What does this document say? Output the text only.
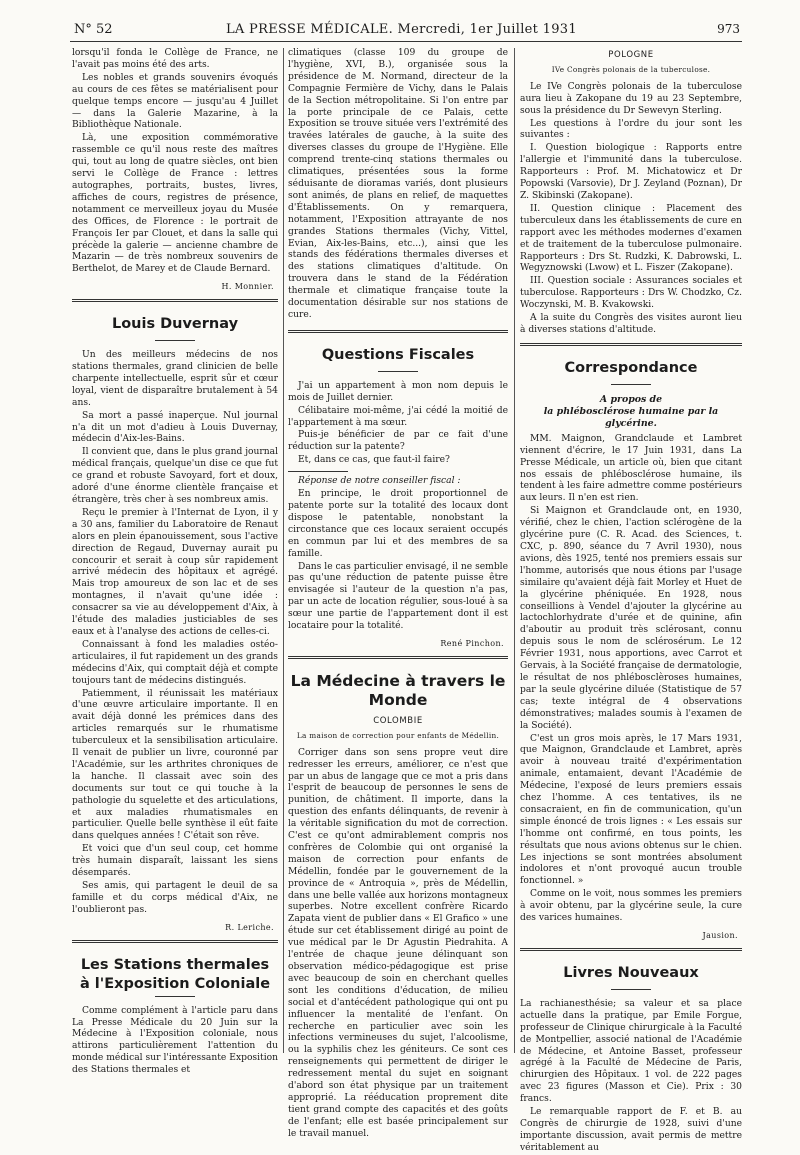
N° 52	LA PRESSE MÉDICALE. Mercredi, 1er Juillet 1931	973

lorsqu'il fonda le Collège de France, ne l'avait pas moins été des arts.

Les nobles et grands souvenirs évoqués au cours de ces fêtes se matérialisent pour quelque temps encore — jusqu'au 4 Juillet — dans la Galerie Mazarine, à la Bibliothèque Nationale.

Là, une exposition commémorative rassemble ce qu'il nous reste des maîtres qui, tout au long de quatre siècles, ont bien servi le Collège de France : lettres autographes, portraits, bustes, livres, affiches de cours, registres de présence, notamment ce merveilleux joyau du Musée des Offices, de Florence : le portrait de François Ier par Clouet, et dans la salle qui précède la galerie — ancienne chambre de Mazarin — de très nombreux souvenirs de Berthelot, de Marey et de Claude Bernard.

H. Monnier.
Louis Duvernay

Un des meilleurs médecins de nos stations thermales, grand clinicien de belle charpente intellectuelle, esprit sûr et cœur loyal, vient de disparaître brutalement à 54 ans.

Sa mort a passé inaperçue. Nul journal n'a dit un mot d'adieu à Louis Duvernay, médecin d'Aix-les-Bains.

Il convient que, dans le plus grand journal médical français, quelque'un dise ce que fut ce grand et robuste Savoyard, fort et doux, adoré d'une énorme clientèle française et étrangère, très cher à ses nombreux amis.

Reçu le premier à l'Internat de Lyon, il y a 30 ans, familier du Laboratoire de Renaut alors en plein épanouissement, sous l'active direction de Regaud, Duvernay aurait pu concourir et serait à coup sûr rapidement arrivé médecin des hôpitaux et agrégé. Mais trop amoureux de son lac et de ses montagnes, il n'avait qu'une idée : consacrer sa vie au développement d'Aix, à l'étude des maladies justiciables de ses eaux et à l'analyse des actions de celles-ci.

Connaissant à fond les maladies ostéo-articulaires, il fut rapidement un des grands médecins d'Aix, qui comptait déjà et compte toujours tant de médecins distingués.

Patiemment, il réunissait les matériaux d'une œuvre articulaire importante. Il en avait déjà donné les prémices dans des articles remarqués sur le rhumatisme tuberculeux et la sensibilisation articulaire. Il venait de publier un livre, couronné par l'Académie, sur les arthrites chroniques de la hanche. Il classait avec soin des documents sur tout ce qui touche à la pathologie du squelette et des articulations, et aux maladies rhumatismales en particulier. Quelle belle synthèse il eût faite dans quelques années ! C'était son rêve.

Et voici que d'un seul coup, cet homme très humain disparaît, laissant les siens désemparés.

Ses amis, qui partagent le deuil de sa famille et du corps médical d'Aix, ne l'oublieront pas.

R. Leriche.
Les Stations thermales
à l'Exposition Coloniale

Comme complément à l'article paru dans La Presse Médicale du 20 Juin sur la Médecine à l'Exposition coloniale, nous attirons particulièrement l'attention du monde médical sur l'intéressante Exposition des Stations thermales et

climatiques (classe 109 du groupe de l'hygiène, XVI, B.), organisée sous la présidence de M. Normand, directeur de la Compagnie Fermière de Vichy, dans le Palais de la Section métropolitaine. Si l'on entre par la porte principale de ce Palais, cette Exposition se trouve située vers l'extrémité des travées latérales de gauche, à la suite des diverses classes du groupe de l'Hygiène. Elle comprend trente-cinq stations thermales ou climatiques, présentées sous la forme séduisante de dioramas variés, dont plusieurs sont animés, de plans en relief, de maquettes d'Établissements. On y remarquera, notamment, l'Exposition attrayante de nos grandes Stations thermales (Vichy, Vittel, Evian, Aix-les-Bains, etc...), ainsi que les stands des fédérations thermales diverses et des stations climatiques d'altitude. On trouvera dans le stand de la Fédération thermale et climatique française toute la documentation désirable sur nos stations de cure.

Questions Fiscales

J'ai un appartement à mon nom depuis le mois de Juillet dernier.

Célibataire moi-même, j'ai cédé la moitié de l'appartement à ma sœur.

Puis-je bénéficier de par ce fait d'une réduction sur la patente?

Et, dans ce cas, que faut-il faire?

Réponse de notre conseiller fiscal :

En principe, le droit proportionnel de patente porte sur la totalité des locaux dont dispose le patentable, nonobstant la circonstance que ces locaux seraient occupés en commun par lui et des membres de sa famille.

Dans le cas particulier envisagé, il ne semble pas qu'une réduction de patente puisse être envisagée si l'auteur de la question n'a pas, par un acte de location régulier, sous-loué à sa sœur une partie de l'appartement dont il est locataire pour la totalité.

René Pinchon.
La Médecine à travers le Monde
COLOMBIE
La maison de correction pour enfants de Médellin.

Corriger dans son sens propre veut dire redresser les erreurs, améliorer, ce n'est que par un abus de langage que ce mot a pris dans l'esprit de beaucoup de personnes le sens de punition, de châtiment. Il importe, dans la question des enfants délinquants, de revenir à la véritable signification du mot de correction. C'est ce qu'ont admirablement compris nos confrères de Colombie qui ont organisé la maison de correction pour enfants de Médellin, fondée par le gouvernement de la province de « Antroquia », près de Médellin, dans une belle vallée aux horizons montagneux superbes. Notre excellent confrère Ricardo Zapata vient de publier dans « El Grafico » une étude sur cet établissement dirigé au point de vue médical par le Dr Agustin Piedrahita. A l'entrée de chaque jeune délinquant son observation médico-pédagogique est prise avec beaucoup de soin en cherchant quelles sont les conditions d'éducation, de milieu social et d'antécédent pathologique qui ont pu influencer la mentalité de l'enfant. On recherche en particulier avec soin les infections vermineuses du sujet, l'alcoolisme, ou la syphilis chez les géniteurs. Ce sont ces renseignements qui permettent de diriger le redressement mental du sujet en soignant d'abord son état physique par un traitement approprié. La rééducation proprement dite tient grand compte des capacités et des goûts de l'enfant; elle est basée principalement sur le travail manuel.

POLOGNE
IVe Congrès polonais de la tuberculose.

Le IVe Congrès polonais de la tuberculose aura lieu à Zakopane du 19 au 23 Septembre, sous la présidence du Dr Sewevyn Sterling.

Les questions à l'ordre du jour sont les suivantes :

I. Question biologique : Rapports entre l'allergie et l'immunité dans la tuberculose. Rapporteurs : Prof. M. Michatowicz et Dr Popowski (Varsovie), Dr J. Zeyland (Poznan), Dr Z. Skibinski (Zakopane).

II. Question clinique : Placement des tuberculeux dans les établissements de cure en rapport avec les méthodes modernes d'examen et de traitement de la tuberculose pulmonaire. Rapporteurs : Drs St. Rudzki, K. Dabrowski, L. Wegyznowski (Lwow) et L. Fiszer (Zakopane).

III. Question sociale : Assurances sociales et tuberculose. Rapporteurs : Drs W. Chodzko, Cz. Woczynski, M. B. Kvakowski.

A la suite du Congrès des visites auront lieu à diverses stations d'altitude.

Correspondance
A propos de
la phlébosclérose humaine par la glycérine.

MM. Maignon, Grandclaude et Lambret viennent d'écrire, le 17 Juin 1931, dans La Presse Médicale, un article où, bien que citant nos essais de phlébosclérose humaine, ils tendent à les faire admettre comme postérieurs aux leurs. Il n'en est rien.

Si Maignon et Grandclaude ont, en 1930, vérifié, chez le chien, l'action sclérogène de la glycérine pure (C. R. Acad. des Sciences, t. CXC, p. 890, séance du 7 Avril 1930), nous avions, dès 1925, tenté nos premiers essais sur l'homme, autorisés que nous étions par l'usage similaire qu'avaient déjà fait Morley et Huet de la glycérine phéniquée. En 1928, nous conseillions à Vendel d'ajouter la glycérine au lactochlorhydrate d'urée et de quinine, afin d'aboutir au produit très sclérosant, connu depuis sous le nom de sclérosérum. Le 12 Février 1931, nous apportions, avec Carrot et Gervais, à la Société française de dermatologie, le résultat de nos phlébosclèroses humaines, par la seule glycérine diluée (Statistique de 57 cas; texte intégral de 4 observations démonstratives; malades soumis à l'examen de la Société).

C'est un gros mois après, le 17 Mars 1931, que Maignon, Grandclaude et Lambret, après avoir à nouveau traité d'expérimentation animale, entamaient, devant l'Académie de Médecine, l'exposé de leurs premiers essais chez l'homme. A ces tentatives, ils ne consacraient, en fin de communication, qu'un simple énoncé de trois lignes : « Les essais sur l'homme ont confirmé, en tous points, les résultats que nous avions obtenus sur le chien. Les injections se sont montrées absolument indolores et n'ont provoqué aucun trouble fonctionnel. »

Comme on le voit, nous sommes les premiers à avoir obtenu, par la glycérine seule, la cure des varices humaines.

Jausion.
Livres Nouveaux

La rachianesthésie; sa valeur et sa place actuelle dans la pratique, par Emile Forgue, professeur de Clinique chirurgicale à la Faculté de Montpellier, associé national de l'Académie de Médecine, et Antoine Basset, professeur agrégé à la Faculté de Médecine de Paris, chirurgien des Hôpitaux. 1 vol. de 222 pages avec 23 figures (Masson et Cie). Prix : 30 francs.

Le remarquable rapport de F. et B. au Congrès de chirurgie de 1928, suivi d'une importante discussion, avait permis de mettre véritablement au
